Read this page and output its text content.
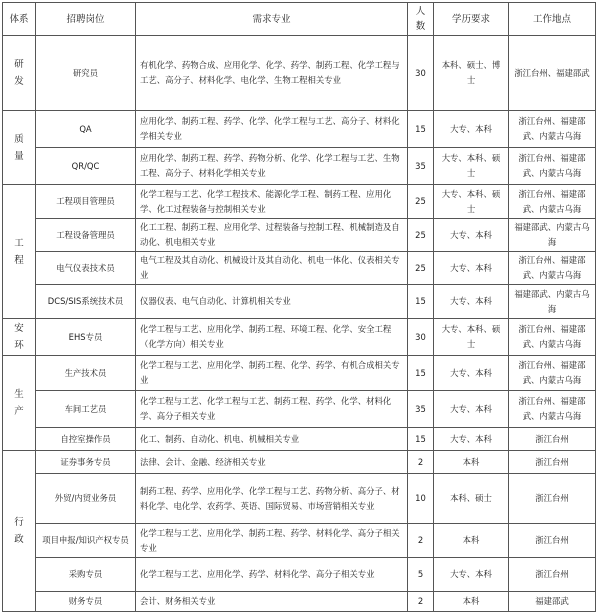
体系	招聘岗位	需求专业	人数	学历要求	工作地点

研
发	研究员	有机化学、药物合成、应用化学、化学、药学、制药工程、化学工程与工艺、高分子、材料化学、电化学、生物工程相关专业	30	本科、硕士、博士	浙江台州、福建邵武

质
量	QA	应用化学、制药工程、药学、化学、化学工程与工艺、高分子、材料化学相关专业	15	大专、本科	浙江台州、福建邵武、内蒙古乌海
	QR/QC	应用化学、制药工程、药学、药物分析、化学、化学工程与工艺、生物工程、高分子、材料化学相关专业	35	大专、本科、硕士	浙江台州、福建邵武、内蒙古乌海

工
程	工程项目管理员	化学工程与工艺、化学工程技术、能源化学工程、制药工程、应用化学、化工过程装备与控制相关专业	25	大专、本科、硕士	浙江台州、福建邵武、内蒙古乌海
	工程设备管理员	化工工程、制药工程、应用化学、过程装备与控制工程、机械制造及自动化、机电相关专业	25	大专、本科	福建邵武、内蒙古乌海
	电气仪表技术员	电气工程及其自动化、机械设计及其自动化、机电一体化、仪表相关专业	25	大专、本科	浙江台州、福建邵武、内蒙古乌海
	DCS/SIS系统技术员	仪器仪表、电气自动化、计算机相关专业	15	大专、本科	福建邵武、内蒙古乌海

安
环	EHS专员	化学工程与工艺、应用化学、制药工程、环境工程、化学、安全工程（化学方向）相关专业	30	大专、本科、硕士	浙江台州、福建邵武、内蒙古乌海

生
产	生产技术员	化学工程与工艺、应用化学、制药工程、化学、药学、有机合成相关专业	15	大专、本科	浙江台州、福建邵武、内蒙古乌海
	车间工艺员	化学工程与工艺、化学工程与工艺、制药工程、药学、化学、材料化学、高分子相关专业	35	大专、本科	浙江台州、福建邵武、内蒙古乌海
	自控室操作员	化工、制药、自动化、机电、机械相关专业	15	大专、本科	浙江台州

行
政	证券事务专员	法律、会计、金融、经济相关专业	2	本科	浙江台州
	外贸/内贸业务员	制药工程、药学、应用化学、化学工程与工艺、药物分析、高分子、材料化学、电化学、农药学、英语、国际贸易、市场营销相关专业	10	本科、硕士	浙江台州
	项目申报/知识产权专员	化学工程与工艺、应用化学、制药工程、药学、材料化学、高分子相关专业	2	本科	浙江台州
	采购专员	化学工程与工艺、应用化学、药学、材料化学、高分子相关专业	5	大专、本科	浙江台州
	财务专员	会计、财务相关专业	2	本科	福建邵武
